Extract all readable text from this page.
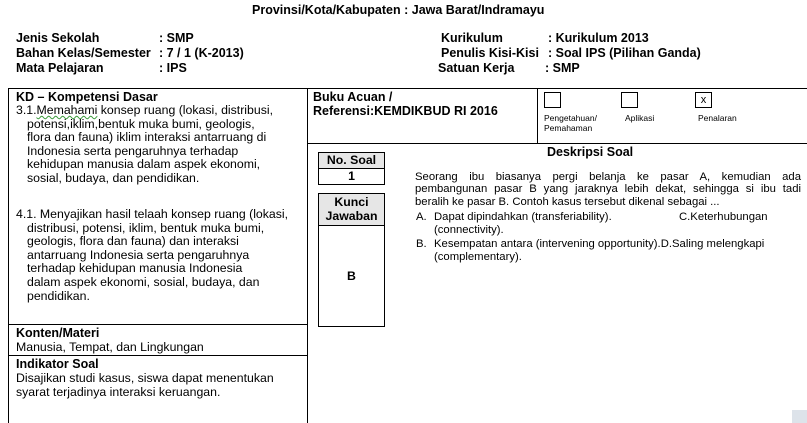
Provinsi/Kota/Kabupaten : Jawa Barat/Indramayu
Jenis Sekolah	: SMP
Bahan Kelas/Semester : 7 / 1 (K-2013)
Mata Pelajaran	: IPS
Kurikulum	: Kurikulum 2013
Penulis Kisi-Kisi : Soal IPS (Pilihan Ganda)
Satuan Kerja : SMP
KD – Kompetensi Dasar
3.1.Memahami konsep ruang (lokasi, distribusi,
potensi,iklim,bentuk muka bumi, geologis,
flora dan fauna) iklim interaksi antarruang di
Indonesia serta pengaruhnya terhadap
kehidupan manusia dalam aspek ekonomi,
sosial, budaya, dan pendidikan.
4.1. Menyajikan hasil telaah konsep ruang (lokasi,
distribusi, potensi, iklim, bentuk muka bumi,
geologis, flora dan fauna) dan interaksi
antarruang Indonesia serta pengaruhnya
terhadap kehidupan manusia Indonesia
dalam aspek ekonomi, sosial, budaya, dan
pendidikan.
Konten/Materi
Manusia, Tempat, dan Lingkungan
Indikator Soal
Disajikan studi kasus, siswa dapat menentukan
syarat terjadinya interaksi keruangan.
Buku Acuan /
Referensi:KEMDIKBUD RI 2016	Pengetahuan/
Pemahaman
Aplikasi
x
Penalaran
No. Soal
1
Kunci
Jawaban
B
Deskripsi Soal
Seorang ibu biasanya pergi belanja ke pasar A, kemudian ada
pembangunan pasar B yang jaraknya lebih dekat, sehingga si ibu tadi
beralih ke pasar B. Contoh kasus tersebut dikenal sebagai ...
A. Dapat dipindahkan (transferiability).	C.Keterhubungan
(connectivity).
B. Kesempatan antara (intervening opportunity).D.Saling melengkapi
(complementary).
